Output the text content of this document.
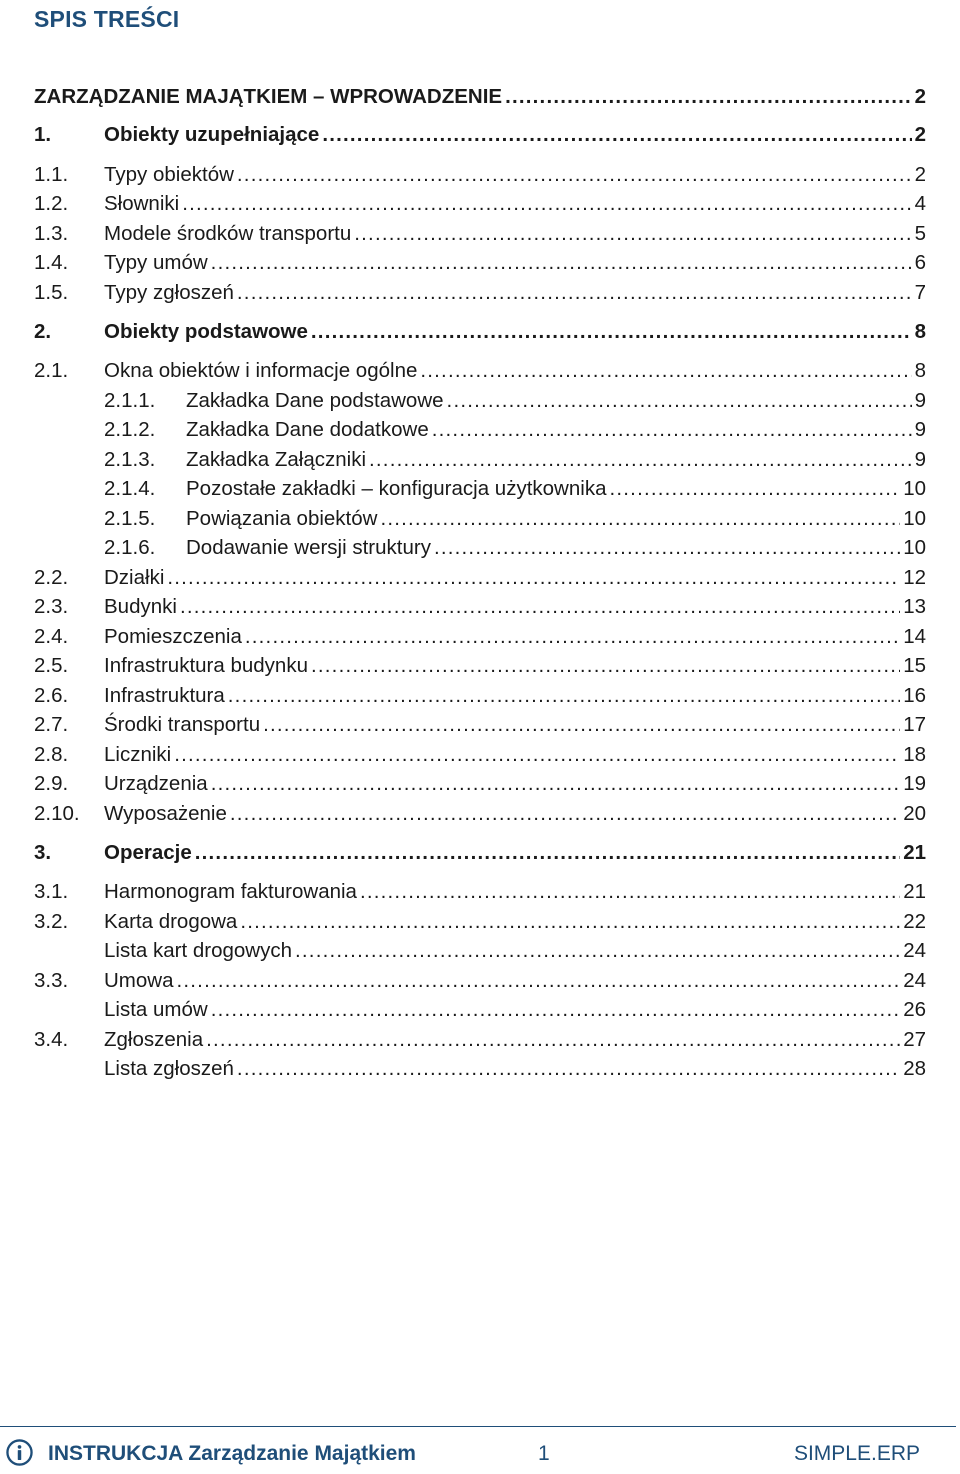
SPIS TREŚCI
ZARZĄDZANIE MAJĄTKIEM – WPROWADZENIE .....	2
1.	Obiekty uzupełniające .....	2
1.1.	Typy obiektów .....	2
1.2.	Słowniki .....	4
1.3.	Modele środków transportu .....	5
1.4.	Typy umów .....	6
1.5.	Typy zgłoszeń .....	7
2.	Obiekty podstawowe .....	8
2.1.	Okna obiektów i informacje ogólne .....	8
2.1.1.	Zakładka Dane podstawowe .....	9
2.1.2.	Zakładka Dane dodatkowe .....	9
2.1.3.	Zakładka Załączniki .....	9
2.1.4.	Pozostałe zakładki – konfiguracja użytkownika .....	10
2.1.5.	Powiązania obiektów .....	10
2.1.6.	Dodawanie wersji struktury .....	10
2.2.	Działki .....	12
2.3.	Budynki .....	13
2.4.	Pomieszczenia .....	14
2.5.	Infrastruktura budynku .....	15
2.6.	Infrastruktura .....	16
2.7.	Środki transportu .....	17
2.8.	Liczniki .....	18
2.9.	Urządzenia .....	19
2.10.	Wyposażenie .....	20
3.	Operacje .....	21
3.1.	Harmonogram fakturowania .....	21
3.2.	Karta drogowa .....	22
Lista kart drogowych .....	24
3.3.	Umowa .....	24
Lista umów .....	26
3.4.	Zgłoszenia .....	27
Lista zgłoszeń .....	28
INSTRUKCJA Zarządzanie Majątkiem	1	SIMPLE.ERP
